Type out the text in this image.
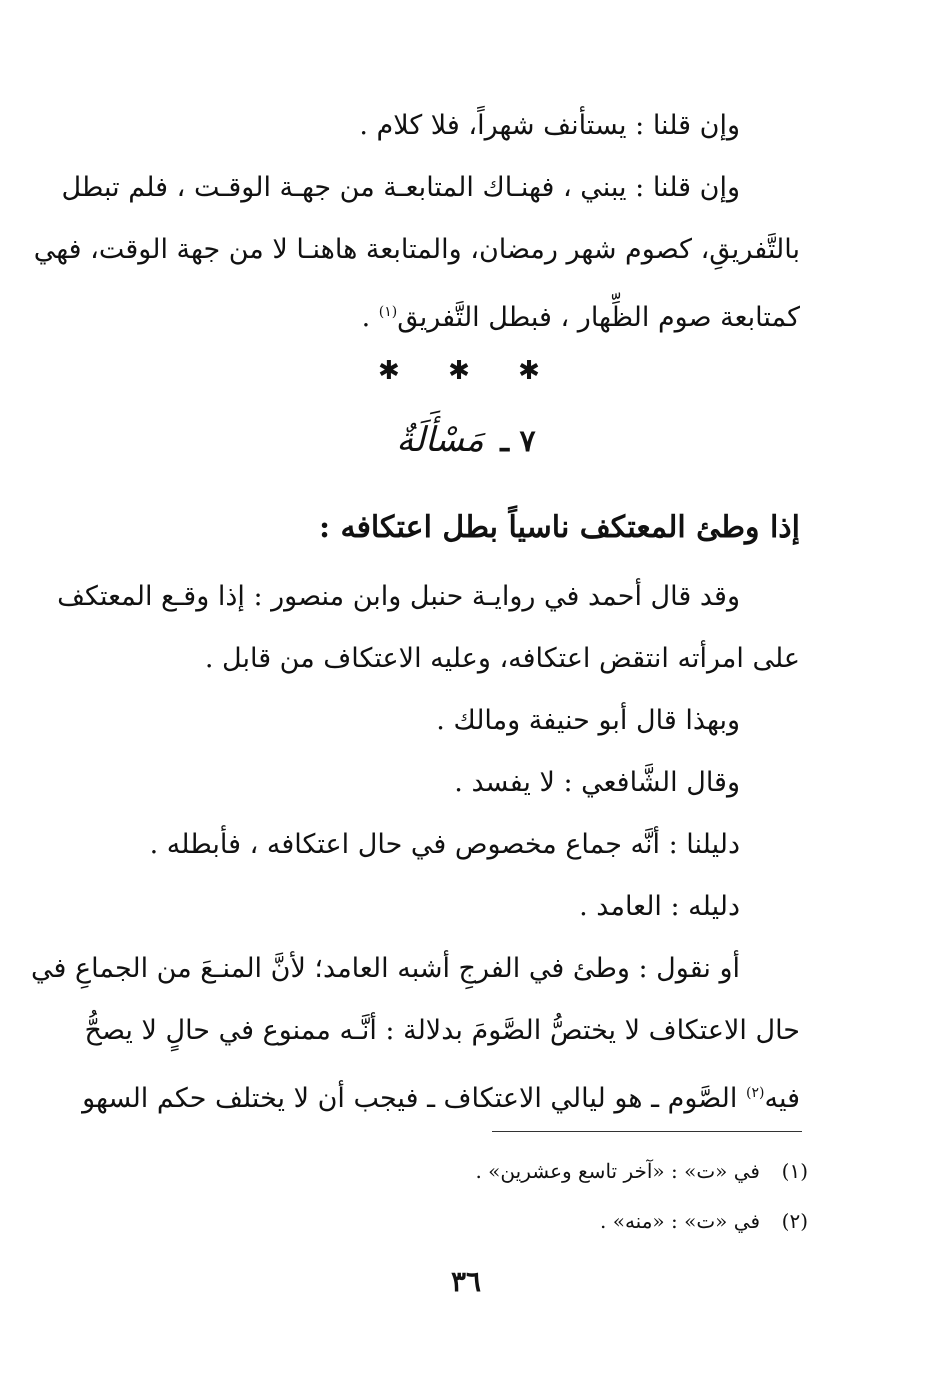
وإن قلنا : يستأنف شهراً، فلا كلام .
وإن قلنا : يبني ، فهنـاك المتابعـة من جهـة الوقـت ، فلم تبطل
بالتَّفريقِ، كصوم شهر رمضان، والمتابعة هاهنـا لا من جهة الوقت، فهي
كمتابعة صوم الظِّهار ، فبطل التَّفريق$^{(١)}$ .
✱ ✱ ✱
٧ ـ مَسْأَلَةٌ
إذا وطئ المعتكف ناسياً بطل اعتكافه :
وقد قال أحمد في روايـة حنبل وابن منصور : إذا وقـع المعتكف
على امرأته انتقض اعتكافه، وعليه الاعتكاف من قابل .
وبهذا قال أبو حنيفة ومالك .
وقال الشَّافعي : لا يفسد .
دليلنا : أنَّه جماع مخصوص في حال اعتكافه ، فأبطله .
دليله : العامد .
أو نقول : وطئ في الفرجِ أشبه العامد؛ لأنَّ المنـعَ من الجماعِ في
حال الاعتكاف لا يختصُّ الصَّومَ بدلالة : أنَّـه ممنوع في حالٍ لا يصحُّ
فيه$^{(٢)}$ الصَّوم ـ هو ليالي الاعتكاف ـ فيجب أن لا يختلف حكم السهو
(١)في «ت» : «آخر تاسع وعشرين» .
(٢)في «ت» : «منه» .
٣٦
